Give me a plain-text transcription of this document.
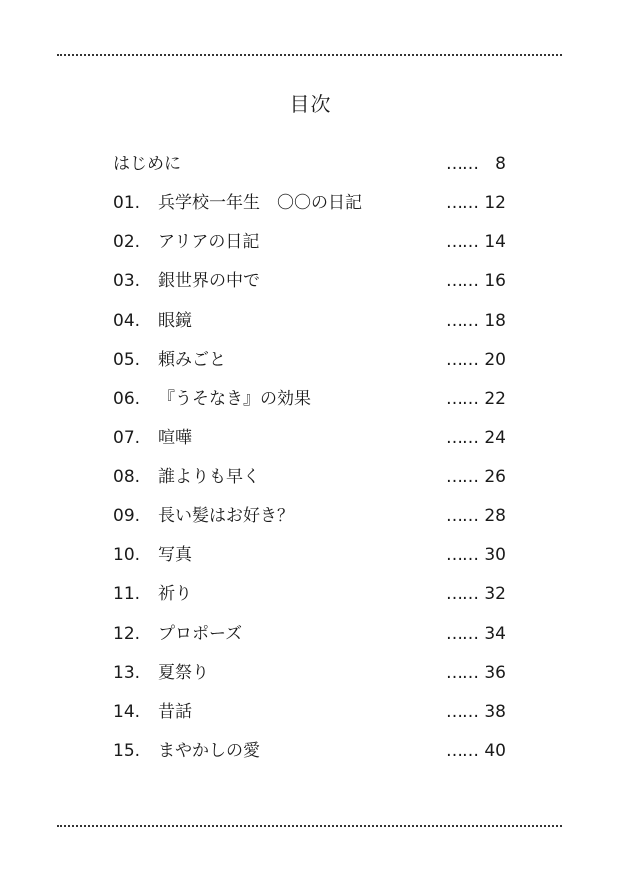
目次
はじめに	……	8
01. 兵学校一年生　〇〇の日記	…… 12
02. アリアの日記	…… 14
03. 銀世界の中で	…… 16
04. 眼鏡	…… 18
05. 頼みごと	…… 20
06. 『うそなき』の効果	…… 22
07. 喧嘩	…… 24
08. 誰よりも早く	…… 26
09. 長い髪はお好き？	…… 28
10. 写真	…… 30
11. 祈り	…… 32
12. プロポーズ	…… 34
13. 夏祭り	…… 36
14. 昔話	…… 38
15. まやかしの愛	…… 40
